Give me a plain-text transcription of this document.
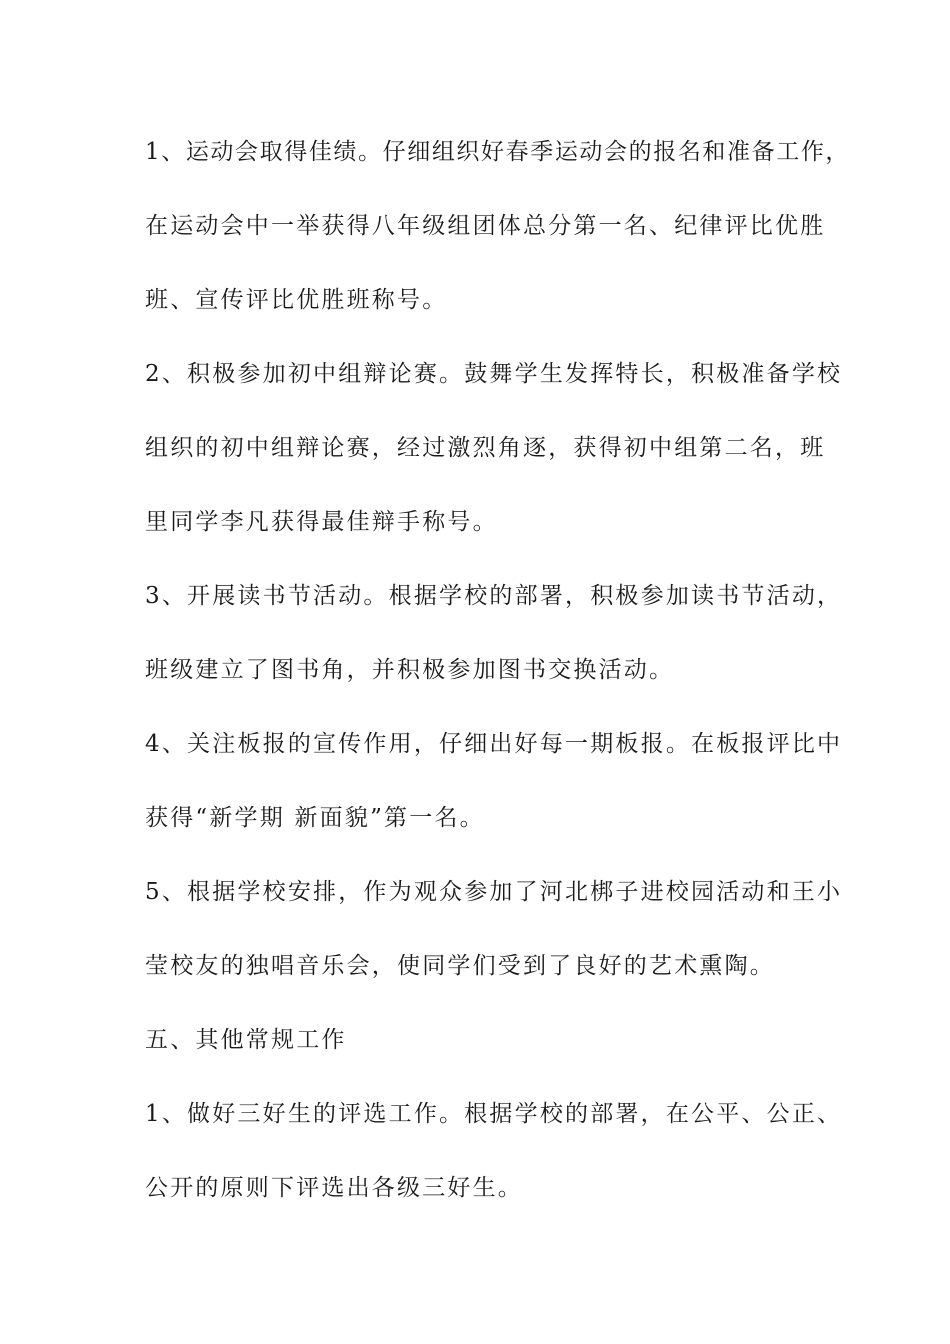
1、运动会取得佳绩。仔细组织好春季运动会的报名和准备工作，
在运动会中一举获得八年级组团体总分第一名、纪律评比优胜
班、宣传评比优胜班称号。
2、积极参加初中组辩论赛。鼓舞学生发挥特长，积极准备学校
组织的初中组辩论赛，经过激烈角逐，获得初中组第二名，班
里同学李凡获得最佳辩手称号。
3、开展读书节活动。根据学校的部署，积极参加读书节活动，
班级建立了图书角，并积极参加图书交换活动。
4、关注板报的宣传作用，仔细出好每一期板报。在板报评比中
获得“新学期 新面貌”第一名。
5、根据学校安排，作为观众参加了河北梆子进校园活动和王小
莹校友的独唱音乐会，使同学们受到了良好的艺术熏陶。
五、其他常规工作
1、做好三好生的评选工作。根据学校的部署，在公平、公正、
公开的原则下评选出各级三好生。
